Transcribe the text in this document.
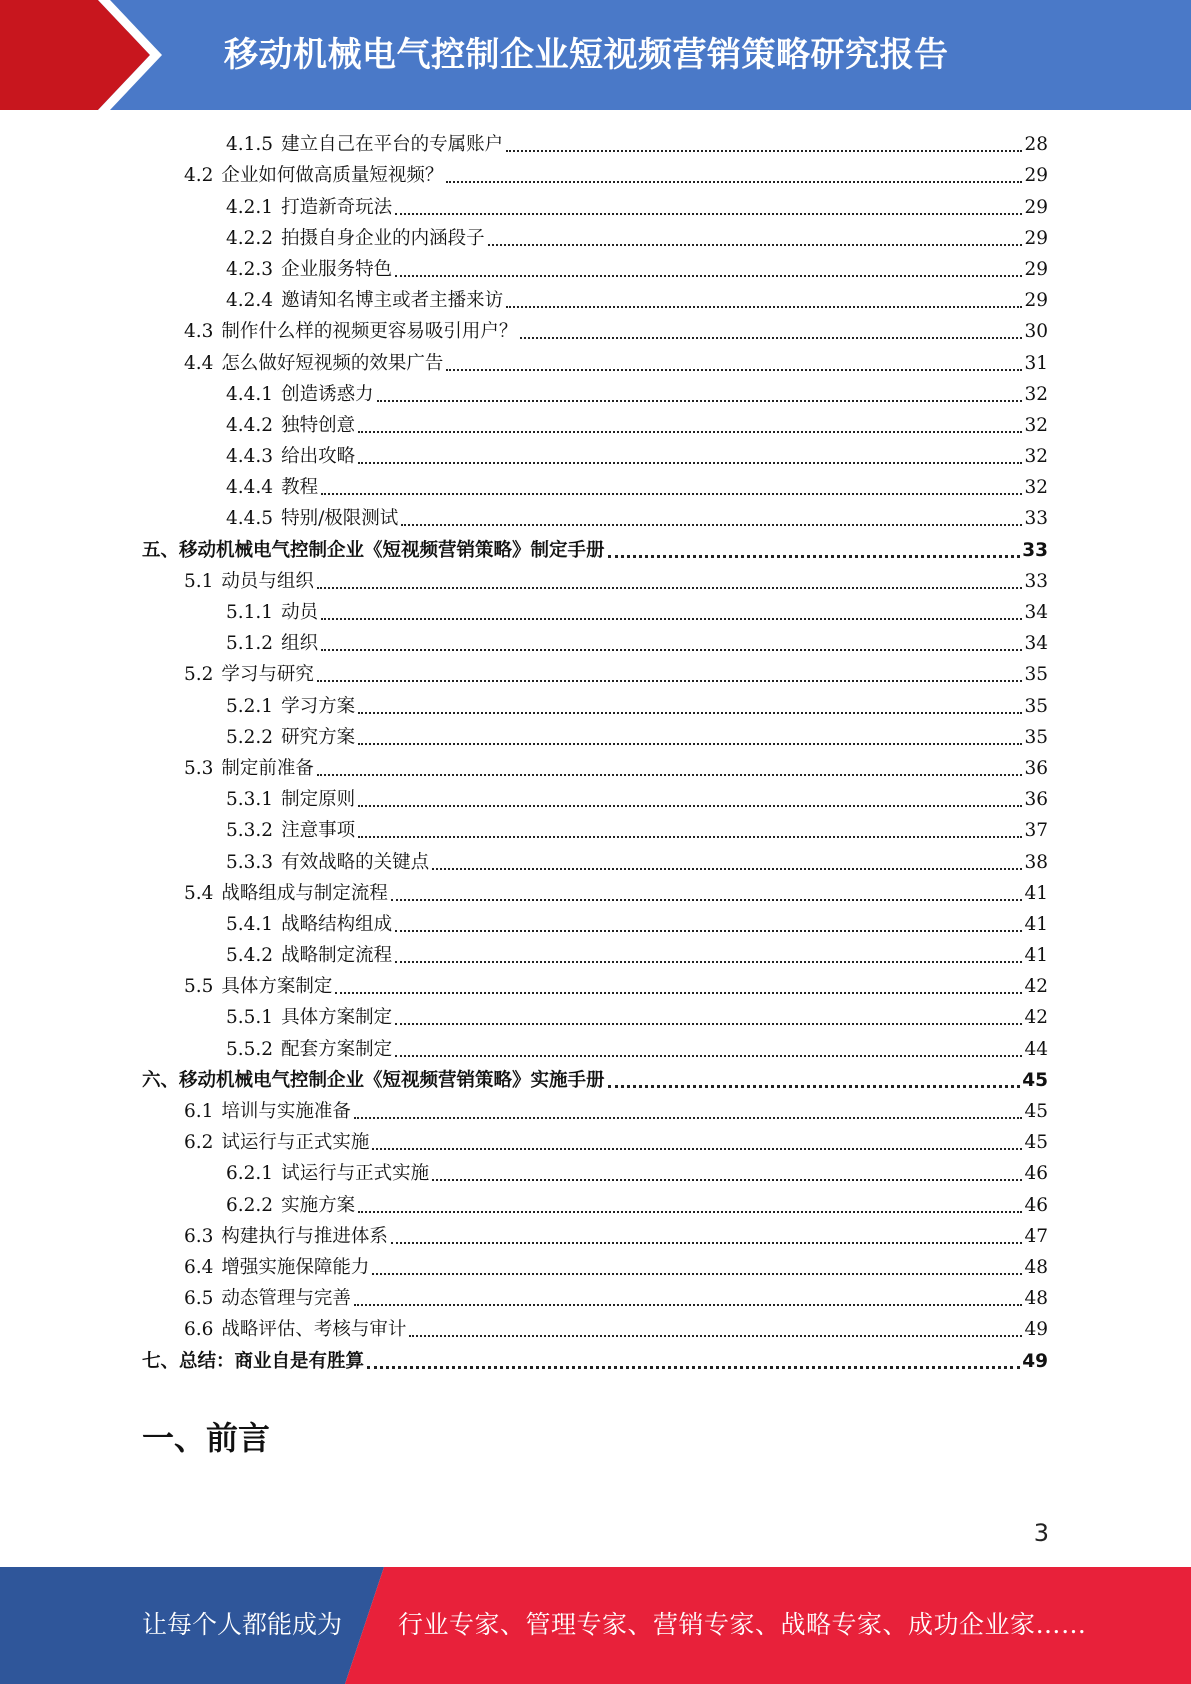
移动机械电气控制企业短视频营销策略研究报告
4.1.5 建立自己在平台的专属账户	28
4.2 企业如何做高质量短视频？	29
4.2.1 打造新奇玩法	29
4.2.2 拍摄自身企业的内涵段子	29
4.2.3 企业服务特色	29
4.2.4 邀请知名博主或者主播来访	29
4.3 制作什么样的视频更容易吸引用户？	30
4.4 怎么做好短视频的效果广告	31
4.4.1 创造诱惑力	32
4.4.2 独特创意	32
4.4.3 给出攻略	32
4.4.4 教程	32
4.4.5 特别/极限测试	33
五、 移动机械电气控制企业《短视频营销策略》制定手册	33
5.1 动员与组织	33
5.1.1 动员	34
5.1.2 组织	34
5.2 学习与研究	35
5.2.1 学习方案	35
5.2.2 研究方案	35
5.3 制定前准备	36
5.3.1 制定原则	36
5.3.2 注意事项	37
5.3.3 有效战略的关键点	38
5.4 战略组成与制定流程	41
5.4.1 战略结构组成	41
5.4.2 战略制定流程	41
5.5 具体方案制定	42
5.5.1 具体方案制定	42
5.5.2 配套方案制定	44
六、 移动机械电气控制企业《短视频营销策略》实施手册	45
6.1 培训与实施准备	45
6.2 试运行与正式实施	45
6.2.1 试运行与正式实施	46
6.2.2 实施方案	46
6.3 构建执行与推进体系	47
6.4 增强实施保障能力	48
6.5 动态管理与完善	48
6.6 战略评估、考核与审计	49
七、 总结：商业自是有胜算	49
一、前言
3
让每个人都能成为 行业专家、管理专家、营销专家、战略专家、成功企业家……
